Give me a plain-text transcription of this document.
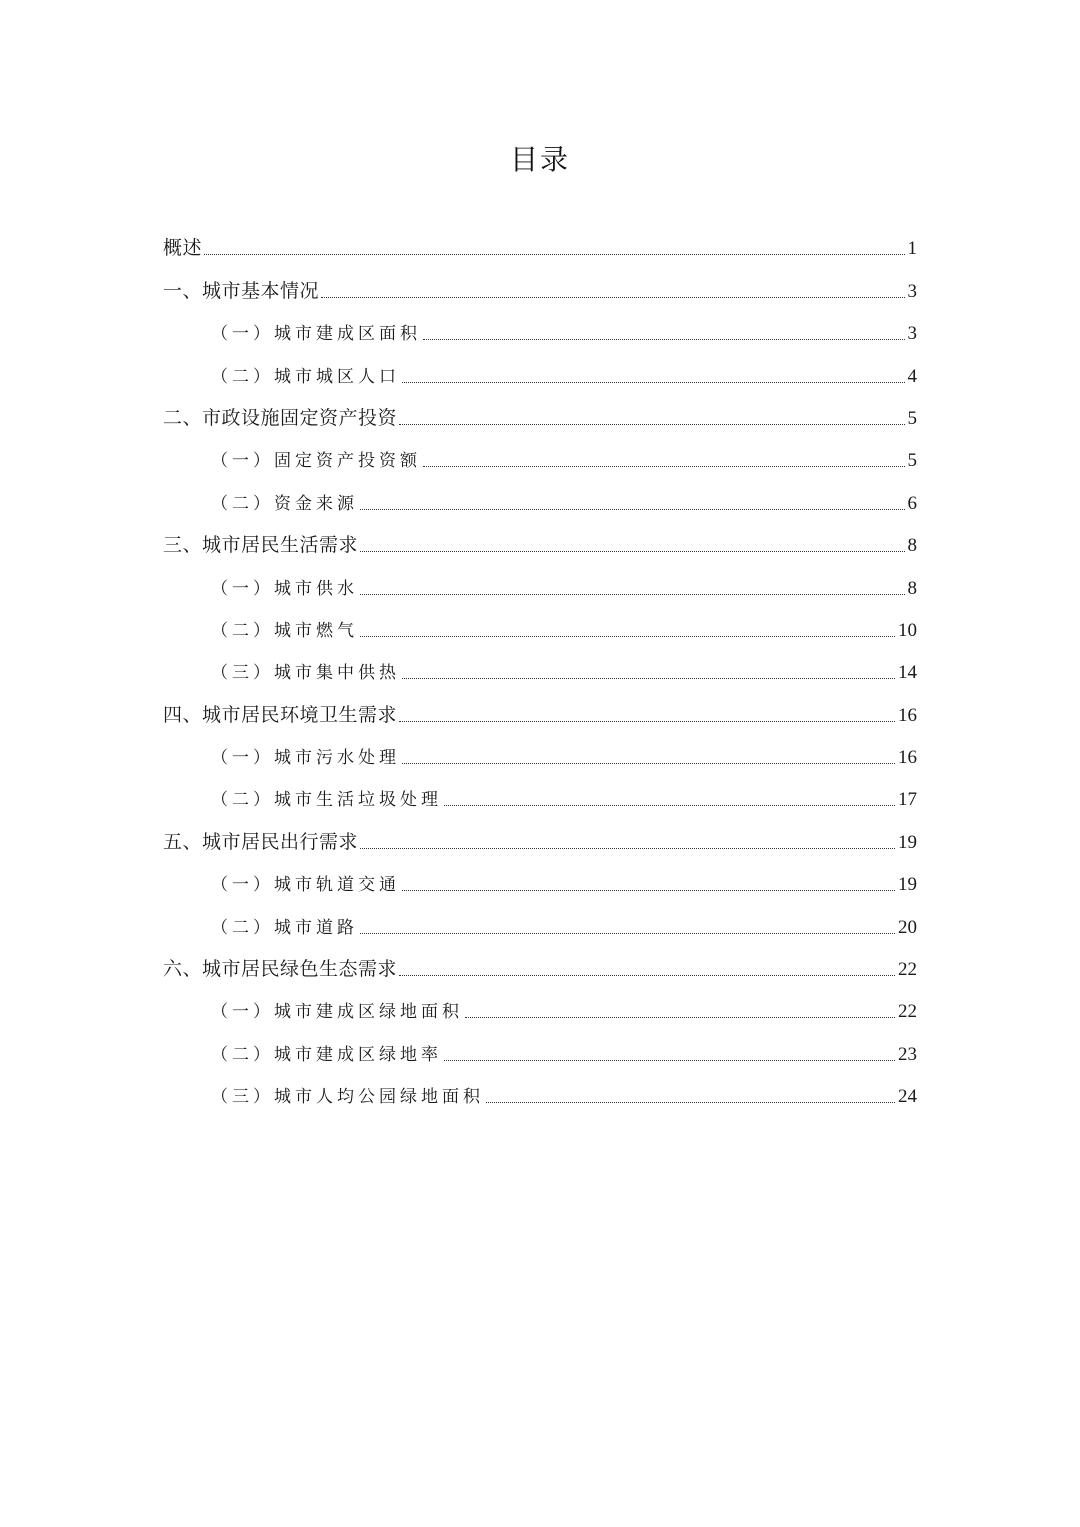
目录
概述	1
一、城市基本情况	3
（一）城市建成区面积	3
（二）城市城区人口	4
二、市政设施固定资产投资	5
（一）固定资产投资额	5
（二）资金来源	6
三、城市居民生活需求	8
（一）城市供水	8
（二）城市燃气	10
（三）城市集中供热	14
四、城市居民环境卫生需求	16
（一）城市污水处理	16
（二）城市生活垃圾处理	17
五、城市居民出行需求	19
（一）城市轨道交通	19
（二）城市道路	20
六、城市居民绿色生态需求	22
（一）城市建成区绿地面积	22
（二）城市建成区绿地率	23
（三）城市人均公园绿地面积	24
